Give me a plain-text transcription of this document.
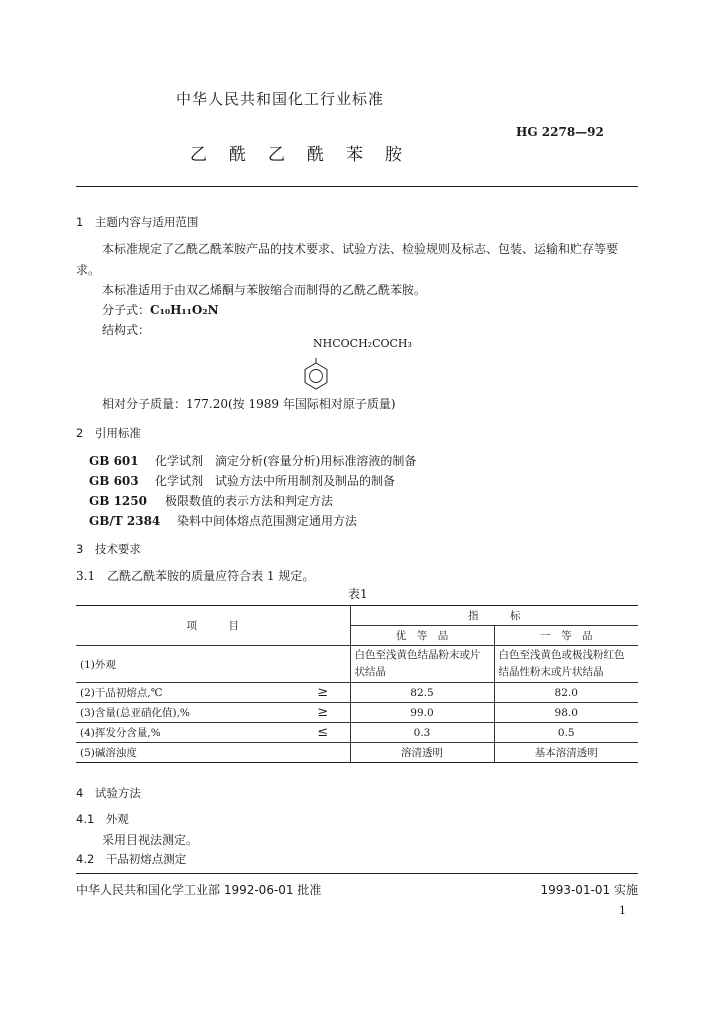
中华人民共和国化工行业标准
乙酰乙酰苯胺
HG 2278—92
1　主题内容与适用范围
本标准规定了乙酰乙酰苯胺产品的技术要求、试验方法、检验规则及标志、包装、运输和贮存等要
求。
本标准适用于由双乙烯酮与苯胺缩合而制得的乙酰乙酰苯胺。
分子式：C₁₀H₁₁O₂N
结构式：
NHCOCH₂COCH₃
相对分子质量：177.20(按 1989 年国际相对原子质量)
2　引用标准
GB 601 化学试剂　滴定分析(容量分析)用标准溶液的制备
GB 603 化学试剂　试验方法中所用制剂及制品的制备
GB 1250 极限数值的表示方法和判定方法
GB/T 2384 染料中间体熔点范围测定通用方法
3　技术要求
3.1　乙酰乙酰苯胺的质量应符合表 1 规定。
表1
项　　　目		指　　　标	
		优　等　品	一　等　品
(1)外观		白色至浅黄色结晶粉末或片状结晶	白色至浅黄色或极浅粉红色结晶性粉末或片状结晶
(2)干品初熔点,℃	≥	82.5	82.0
(3)含量(总亚硝化值),%	≥	99.0	98.0
(4)挥发分含量,%	≤	0.3	0.5
(5)碱溶浊度		溶清透明	基本溶清透明
4　试验方法
4.1　外观
采用目视法测定。
4.2　干品初熔点测定
中华人民共和国化学工业部 1992-06-01 批准	1993-01-01 实施
1
